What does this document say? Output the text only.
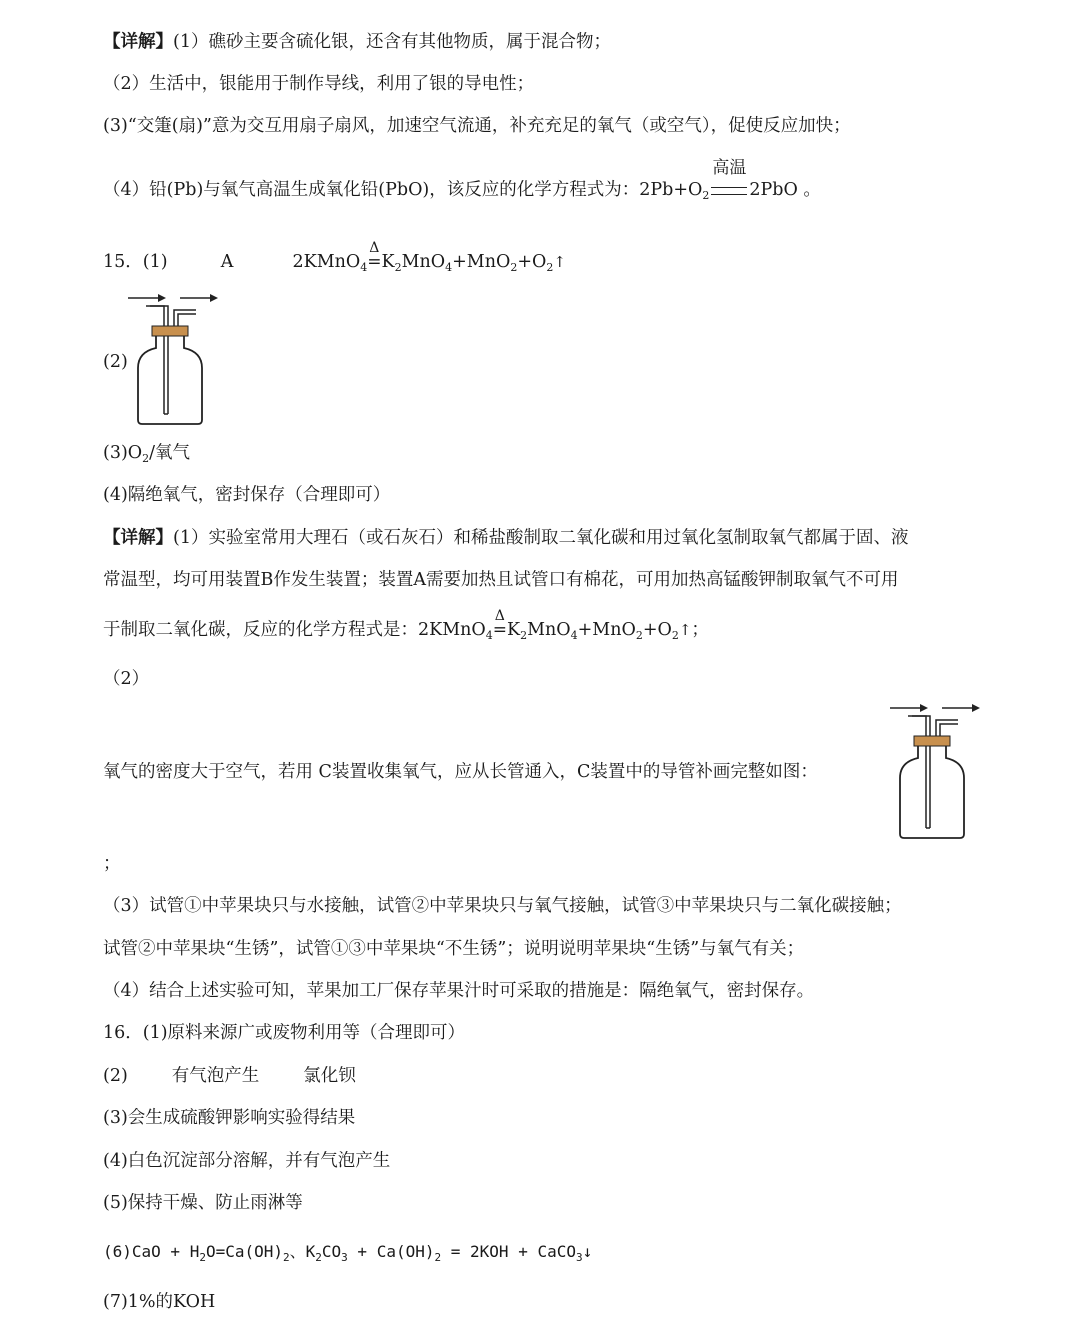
【详解】(1）礁砂主要含硫化银，还含有其他物质，属于混合物；
（2）生活中，银能用于制作导线，利用了银的导电性；
(3)“交箑(扇)”意为交互用扇子扇风，加速空气流通，补充充足的氧气（或空气），促使反应加快；
（4）铅(Pb)与氧气高温生成氧化铅(PbO)，该反应的化学方程式为：$2Pb+O_2$
高温
2PbO 。
15．(1)	A	2KMnO$_4$
Δ
$=K_2MnO_4+MnO_2+O_2↑$
(2)
$(3)O_2/$氧气
(4)隔绝氧气，密封保存（合理即可）
【详解】(1）实验室常用大理石（或石灰石）和稀盐酸制取二氧化碳和用过氧化氢制取氧气都属于固、液
常温型，均可用装置B作发生装置；装置A需要加热且试管口有棉花，可用加热高锰酸钾制取氧气不可用
于制取二氧化碳，反应的化学方程式是：2KMnO$_4$
Δ
$=K_2MnO_4+MnO_2+O_2↑$；
（2）
氧气的密度大于空气，若用 C装置收集氧气，应从长管通入，C装置中的导管补画完整如图：
；
（3）试管①中苹果块只与水接触，试管②中苹果块只与氧气接触，试管③中苹果块只与二氧化碳接触；
试管②中苹果块“生锈”，试管①③中苹果块“不生锈”；说明说明苹果块“生锈”与氧气有关；
（4）结合上述实验可知，苹果加工厂保存苹果汁时可采取的措施是：隔绝氧气，密封保存。
16．(1)原料来源广或废物利用等（合理即可）
(2)	有气泡产生	氯化钡
(3)会生成硫酸钾影响实验得结果
(4)白色沉淀部分溶解，并有气泡产生
(5)保持干燥、防止雨淋等
$(6)CaO + H_2O=Ca(OH)_2$、$K_2CO_3 + Ca(OH)_2 = 2KOH$ + CaCO$_3$↓
(7)1%的KOH
